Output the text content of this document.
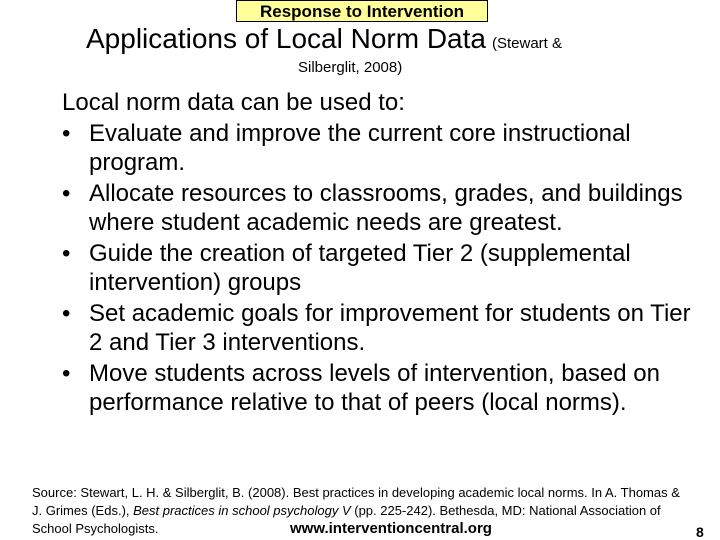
Response to Intervention
Applications of Local Norm Data (Stewart &
Silberglit, 2008)
Local norm data can be used to:
• Evaluate and improve the current core instructional program.
• Allocate resources to classrooms, grades, and buildings where student academic needs are greatest.
• Guide the creation of targeted Tier 2 (supplemental intervention) groups
• Set academic goals for improvement for students on Tier 2 and Tier 3 interventions.
• Move students across levels of intervention, based on performance relative to that of peers (local norms).
Source: Stewart, L. H. & Silberglit, B. (2008). Best practices in developing academic local norms. In A. Thomas & J. Grimes (Eds.), Best practices in school psychology V (pp. 225-242). Bethesda, MD: National Association of School Psychologists.	www.interventioncentral.org	8
